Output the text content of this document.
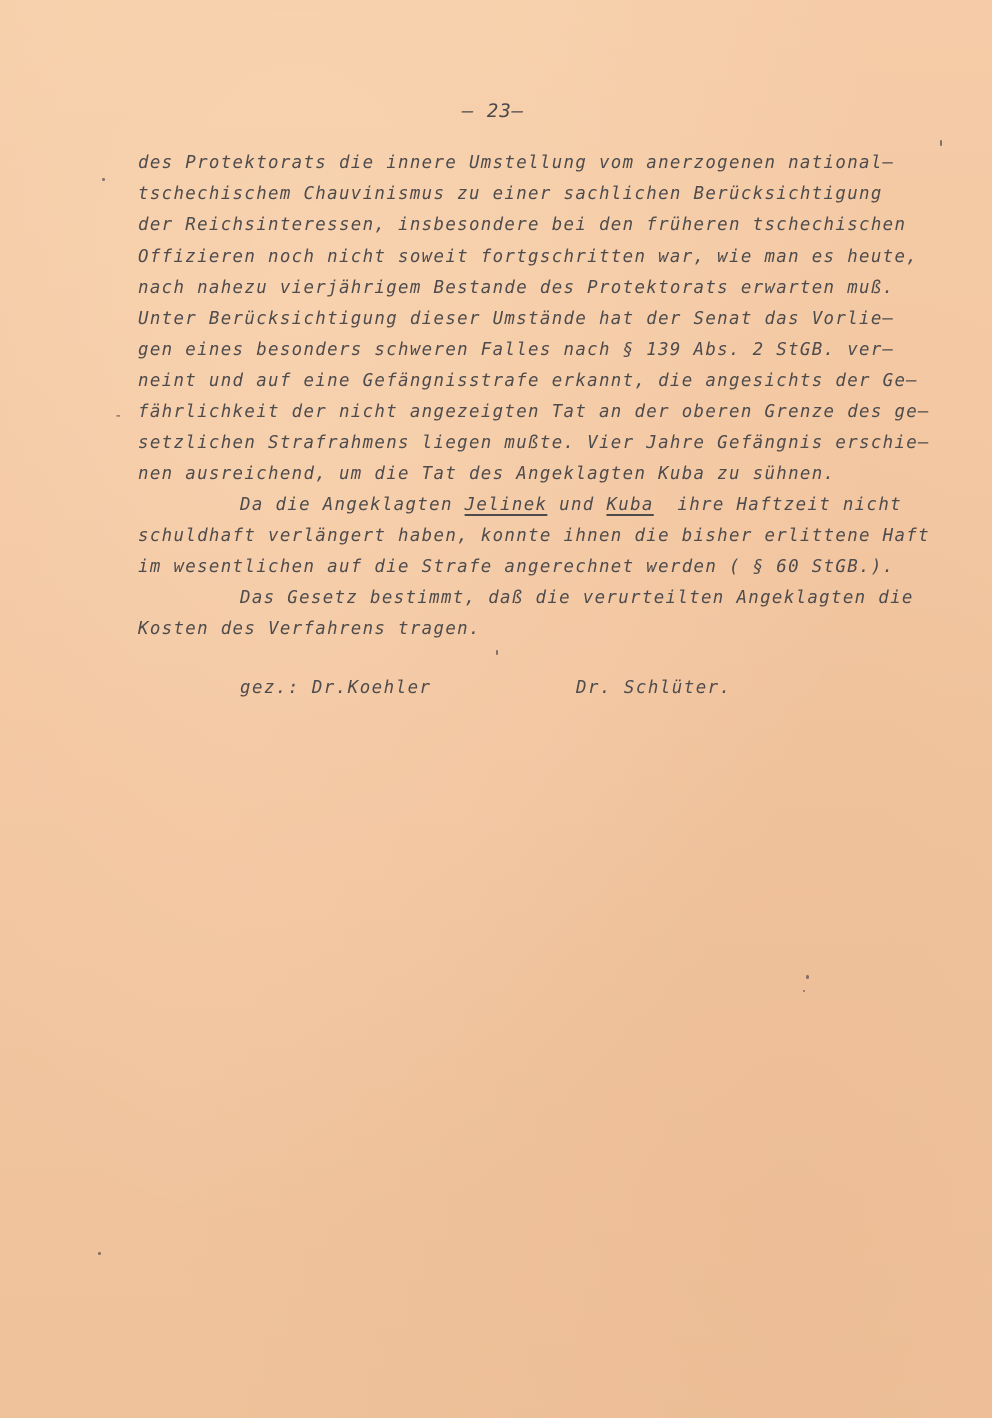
– 23–
-
des Protektorats die innere Umstellung vom anerzogenen national–
tschechischem Chauvinismus zu einer sachlichen Berücksichtigung
der Reichsinteressen, insbesondere bei den früheren tschechischen
Offizieren noch nicht soweit fortgschritten war, wie man es heute,
nach nahezu vierjährigem Bestande des Protektorats erwarten muß.
Unter Berücksichtigung dieser Umstände hat der Senat das Vorlie–
gen eines besonders schweren Falles nach § 139 Abs. 2 StGB. ver–
neint und auf eine Gefängnisstrafe erkannt, die angesichts der Ge–
fährlichkeit der nicht angezeigten Tat an der oberen Grenze des ge–
setzlichen Strafrahmens liegen mußte. Vier Jahre Gefängnis erschie–
nen ausreichend, um die Tat des Angeklagten Kuba zu sühnen.
Da die Angeklagten Jelinek und Kuba  ihre Haftzeit nicht
schuldhaft verlängert haben, konnte ihnen die bisher erlittene Haft
im wesentlichen auf die Strafe angerechnet werden ( § 60 StGB.).
Das Gesetz bestimmt, daß die verurteilten Angeklagten die
Kosten des Verfahrens tragen.
gez.: Dr.Koehler	Dr. Schlüter.
